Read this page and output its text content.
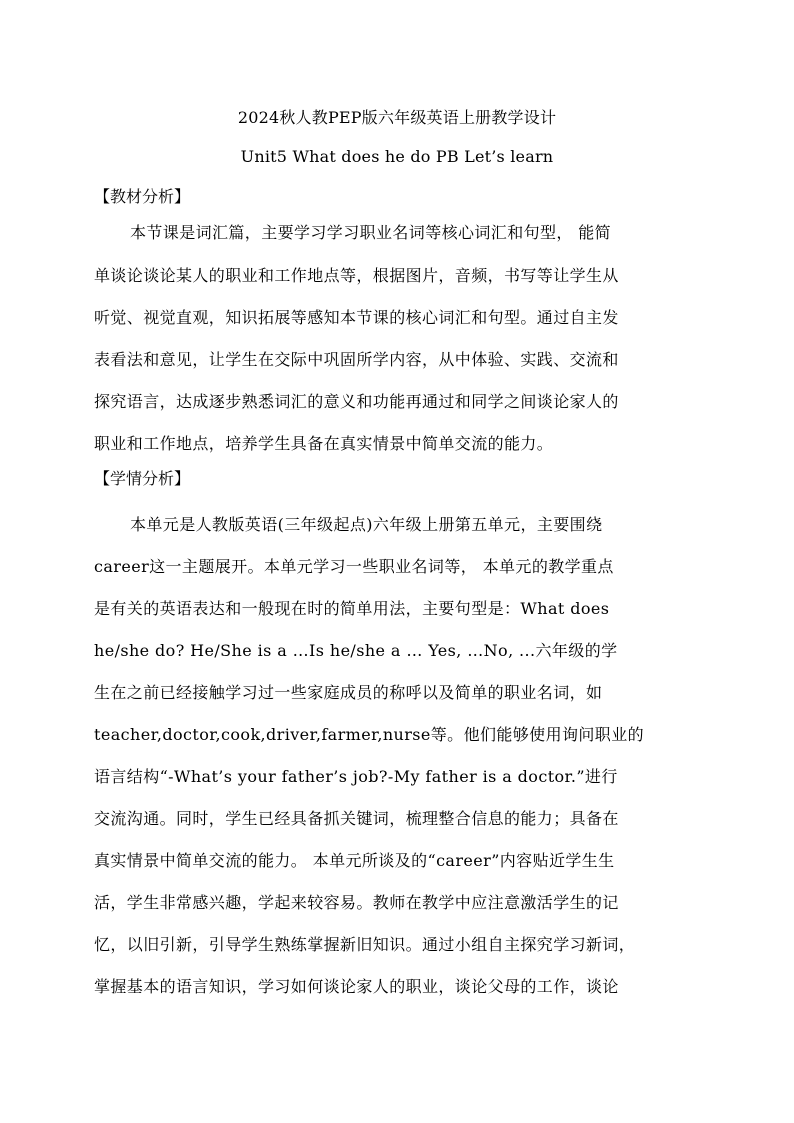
2024秋人教PEP版六年级英语上册教学设计
Unit5 What does he do PB Let’s learn
【教材分析】
本节课是词汇篇，主要学习学习职业名词等核心词汇和句型， 能简
单谈论谈论某人的职业和工作地点等，根据图片，音频，书写等让学生从
听觉、视觉直观，知识拓展等感知本节课的核心词汇和句型。通过自主发
表看法和意见，让学生在交际中巩固所学内容，从中体验、实践、交流和
探究语言，达成逐步熟悉词汇的意义和功能再通过和同学之间谈论家人的
职业和工作地点，培养学生具备在真实情景中简单交流的能力。
【学情分析】
本单元是人教版英语(三年级起点)六年级上册第五单元，主要围绕
career这一主题展开。本单元学习一些职业名词等， 本单元的教学重点
是有关的英语表达和一般现在时的简单用法，主要句型是：What does
he/she do? He/She is a …Is he/she a … Yes, …No, ...六年级的学
生在之前已经接触学习过一些家庭成员的称呼以及简单的职业名词，如
teacher,doctor,cook,driver,farmer,nurse等。他们能够使用询问职业的
语言结构“-What’s your father’s job?-My father is a doctor.”进行
交流沟通。同时，学生已经具备抓关键词，梳理整合信息的能力；具备在
真实情景中简单交流的能力。 本单元所谈及的“career”内容贴近学生生
活，学生非常感兴趣，学起来较容易。教师在教学中应注意激活学生的记
忆，以旧引新，引导学生熟练掌握新旧知识。通过小组自主探究学习新词，
掌握基本的语言知识，学习如何谈论家人的职业，谈论父母的工作，谈论
